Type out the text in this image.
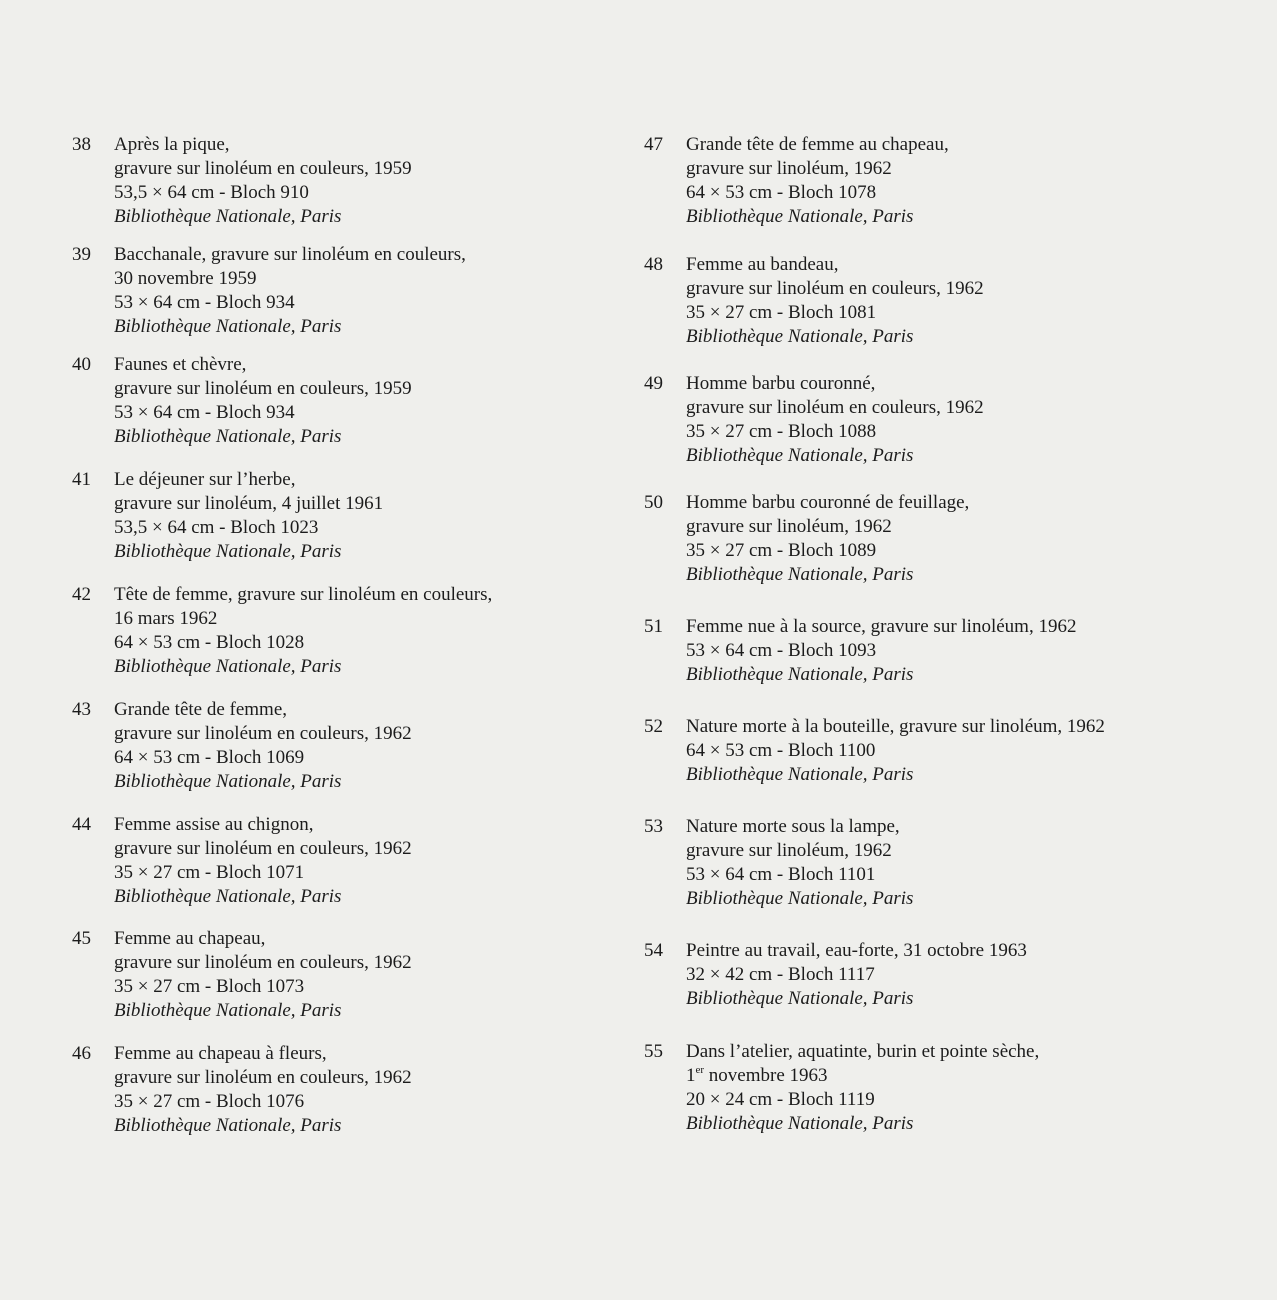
38	Après la pique,
gravure sur linoléum en couleurs, 1959
53,5 × 64 cm - Bloch 910
Bibliothèque Nationale, Paris
39	Bacchanale, gravure sur linoléum en couleurs,
30 novembre 1959
53 × 64 cm - Bloch 934
Bibliothèque Nationale, Paris
40	Faunes et chèvre,
gravure sur linoléum en couleurs, 1959
53 × 64 cm - Bloch 934
Bibliothèque Nationale, Paris
41	Le déjeuner sur l’herbe,
gravure sur linoléum, 4 juillet 1961
53,5 × 64 cm - Bloch 1023
Bibliothèque Nationale, Paris
42	Tête de femme, gravure sur linoléum en couleurs,
16 mars 1962
64 × 53 cm - Bloch 1028
Bibliothèque Nationale, Paris
43	Grande tête de femme,
gravure sur linoléum en couleurs, 1962
64 × 53 cm - Bloch 1069
Bibliothèque Nationale, Paris
44	Femme assise au chignon,
gravure sur linoléum en couleurs, 1962
35 × 27 cm - Bloch 1071
Bibliothèque Nationale, Paris
45	Femme au chapeau,
gravure sur linoléum en couleurs, 1962
35 × 27 cm - Bloch 1073
Bibliothèque Nationale, Paris
46	Femme au chapeau à fleurs,
gravure sur linoléum en couleurs, 1962
35 × 27 cm - Bloch 1076
Bibliothèque Nationale, Paris
47	Grande tête de femme au chapeau,
gravure sur linoléum, 1962
64 × 53 cm - Bloch 1078
Bibliothèque Nationale, Paris
48	Femme au bandeau,
gravure sur linoléum en couleurs, 1962
35 × 27 cm - Bloch 1081
Bibliothèque Nationale, Paris
49	Homme barbu couronné,
gravure sur linoléum en couleurs, 1962
35 × 27 cm - Bloch 1088
Bibliothèque Nationale, Paris
50	Homme barbu couronné de feuillage,
gravure sur linoléum, 1962
35 × 27 cm - Bloch 1089
Bibliothèque Nationale, Paris
51	Femme nue à la source, gravure sur linoléum, 1962
53 × 64 cm - Bloch 1093
Bibliothèque Nationale, Paris
52	Nature morte à la bouteille, gravure sur linoléum, 1962
64 × 53 cm - Bloch 1100
Bibliothèque Nationale, Paris
53	Nature morte sous la lampe,
gravure sur linoléum, 1962
53 × 64 cm - Bloch 1101
Bibliothèque Nationale, Paris
54	Peintre au travail, eau-forte, 31 octobre 1963
32 × 42 cm - Bloch 1117
Bibliothèque Nationale, Paris
55	Dans l’atelier, aquatinte, burin et pointe sèche,
1er novembre 1963
20 × 24 cm - Bloch 1119
Bibliothèque Nationale, Paris
